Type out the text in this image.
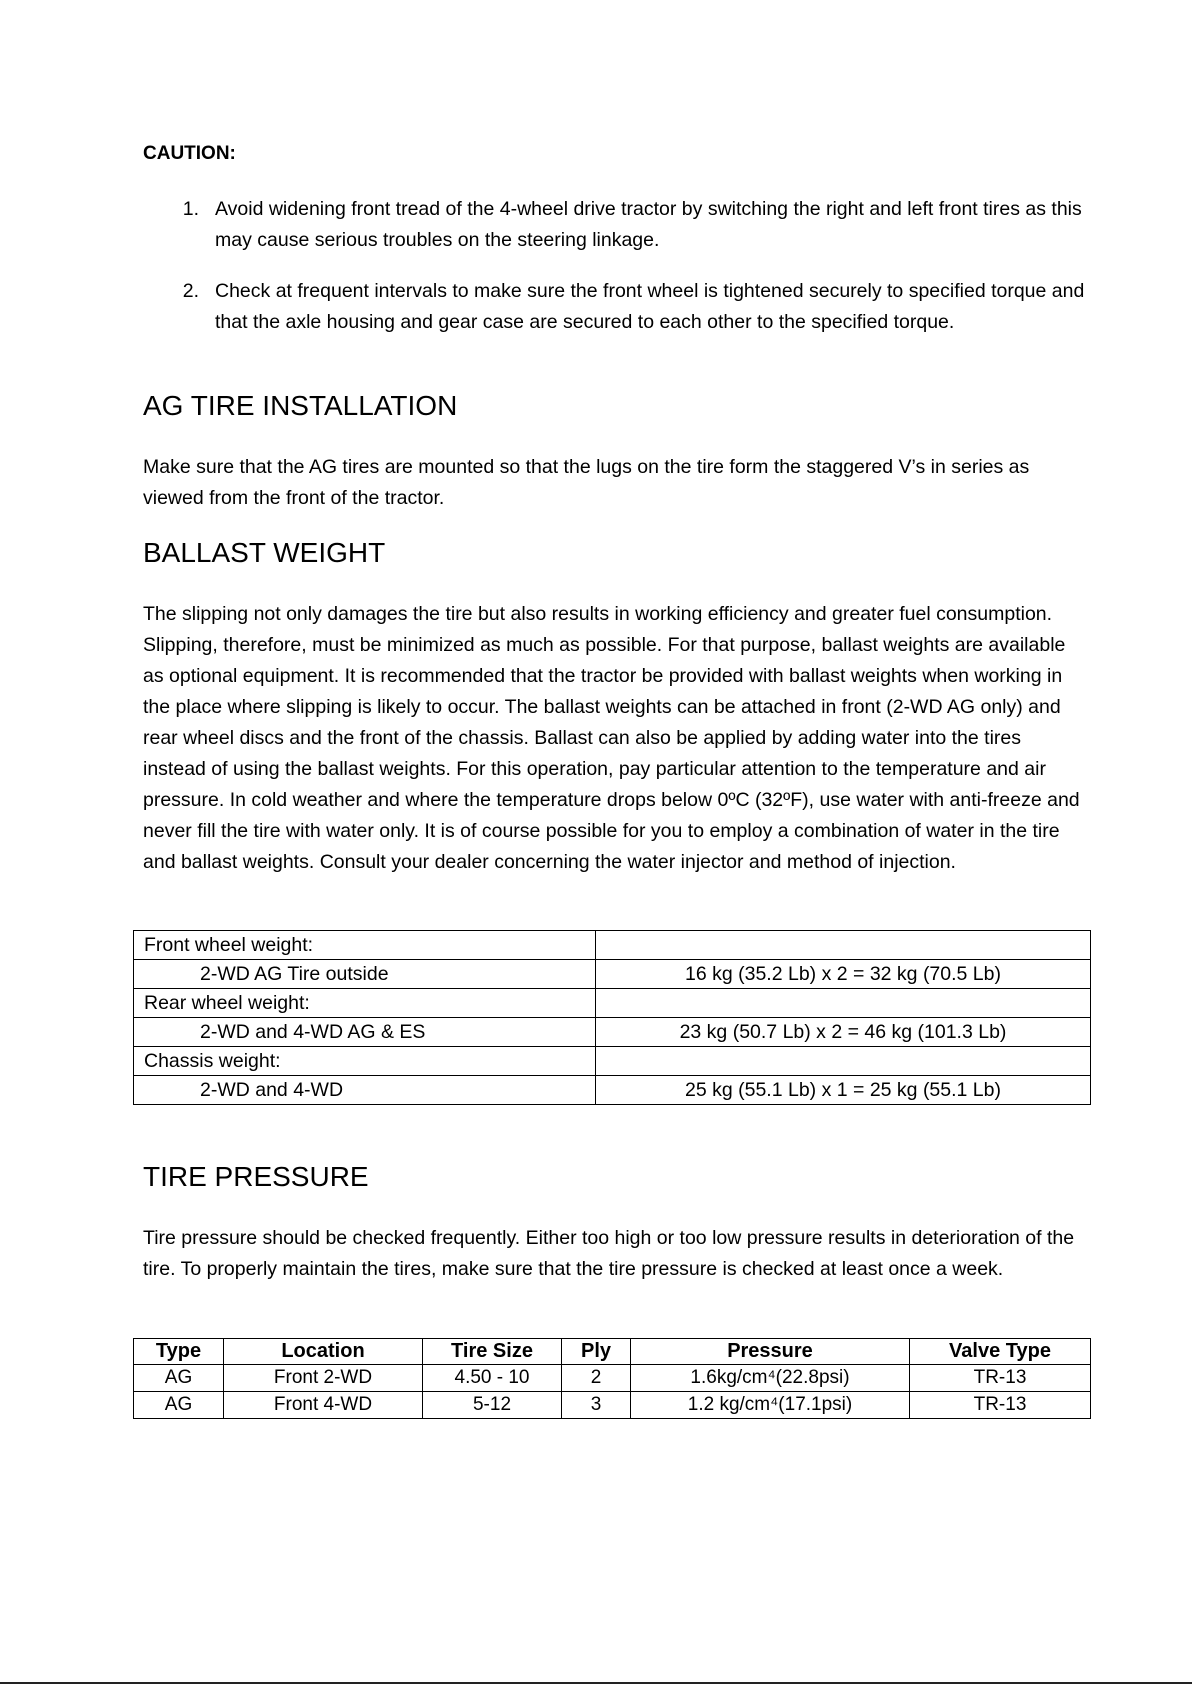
CAUTION:
1. Avoid widening front tread of the 4-wheel drive tractor by switching the right and left front tires as this may cause serious troubles on the steering linkage.
2. Check at frequent intervals to make sure the front wheel is tightened securely to specified torque and that the axle housing and gear case are secured to each other to the specified torque.
AG TIRE INSTALLATION

Make sure that the AG tires are mounted so that the lugs on the tire form the staggered V’s in series as viewed from the front of the tractor.

BALLAST WEIGHT

The slipping not only damages the tire but also results in working efficiency and greater fuel consumption. Slipping, therefore, must be minimized as much as possible. For that purpose, ballast weights are available as optional equipment. It is recommended that the tractor be provided with ballast weights when working in the place where slipping is likely to occur. The ballast weights can be attached in front (2-WD AG only) and rear wheel discs and the front of the chassis. Ballast can also be applied by adding water into the tires instead of using the ballast weights. For this operation, pay particular attention to the temperature and air pressure. In cold weather and where the temperature drops below 0ºC (32ºF), use water with anti-freeze and never fill the tire with water only. It is of course possible for you to employ a combination of water in the tire and ballast weights. Consult your dealer concerning the water injector and method of injection.

Front wheel weight:	
2-WD AG Tire outside	16 kg (35.2 Lb) x 2 = 32 kg (70.5 Lb)
Rear wheel weight:	
2-WD and 4-WD AG & ES	23 kg (50.7 Lb) x 2 = 46 kg (101.3 Lb)
Chassis weight:	
2-WD and 4-WD	25 kg (55.1 Lb) x 1 = 25 kg (55.1 Lb)
TIRE PRESSURE

Tire pressure should be checked frequently. Either too high or too low pressure results in deterioration of the tire. To properly maintain the tires, make sure that the tire pressure is checked at least once a week.

Type	Location	Tire Size	Ply	Pressure	Valve Type
AG	Front 2-WD	4.50 - 10	2	1.6kg/cm⁴(22.8psi)	TR-13
AG	Front 4-WD	5-12	3	1.2 kg/cm⁴(17.1psi)	TR-13
